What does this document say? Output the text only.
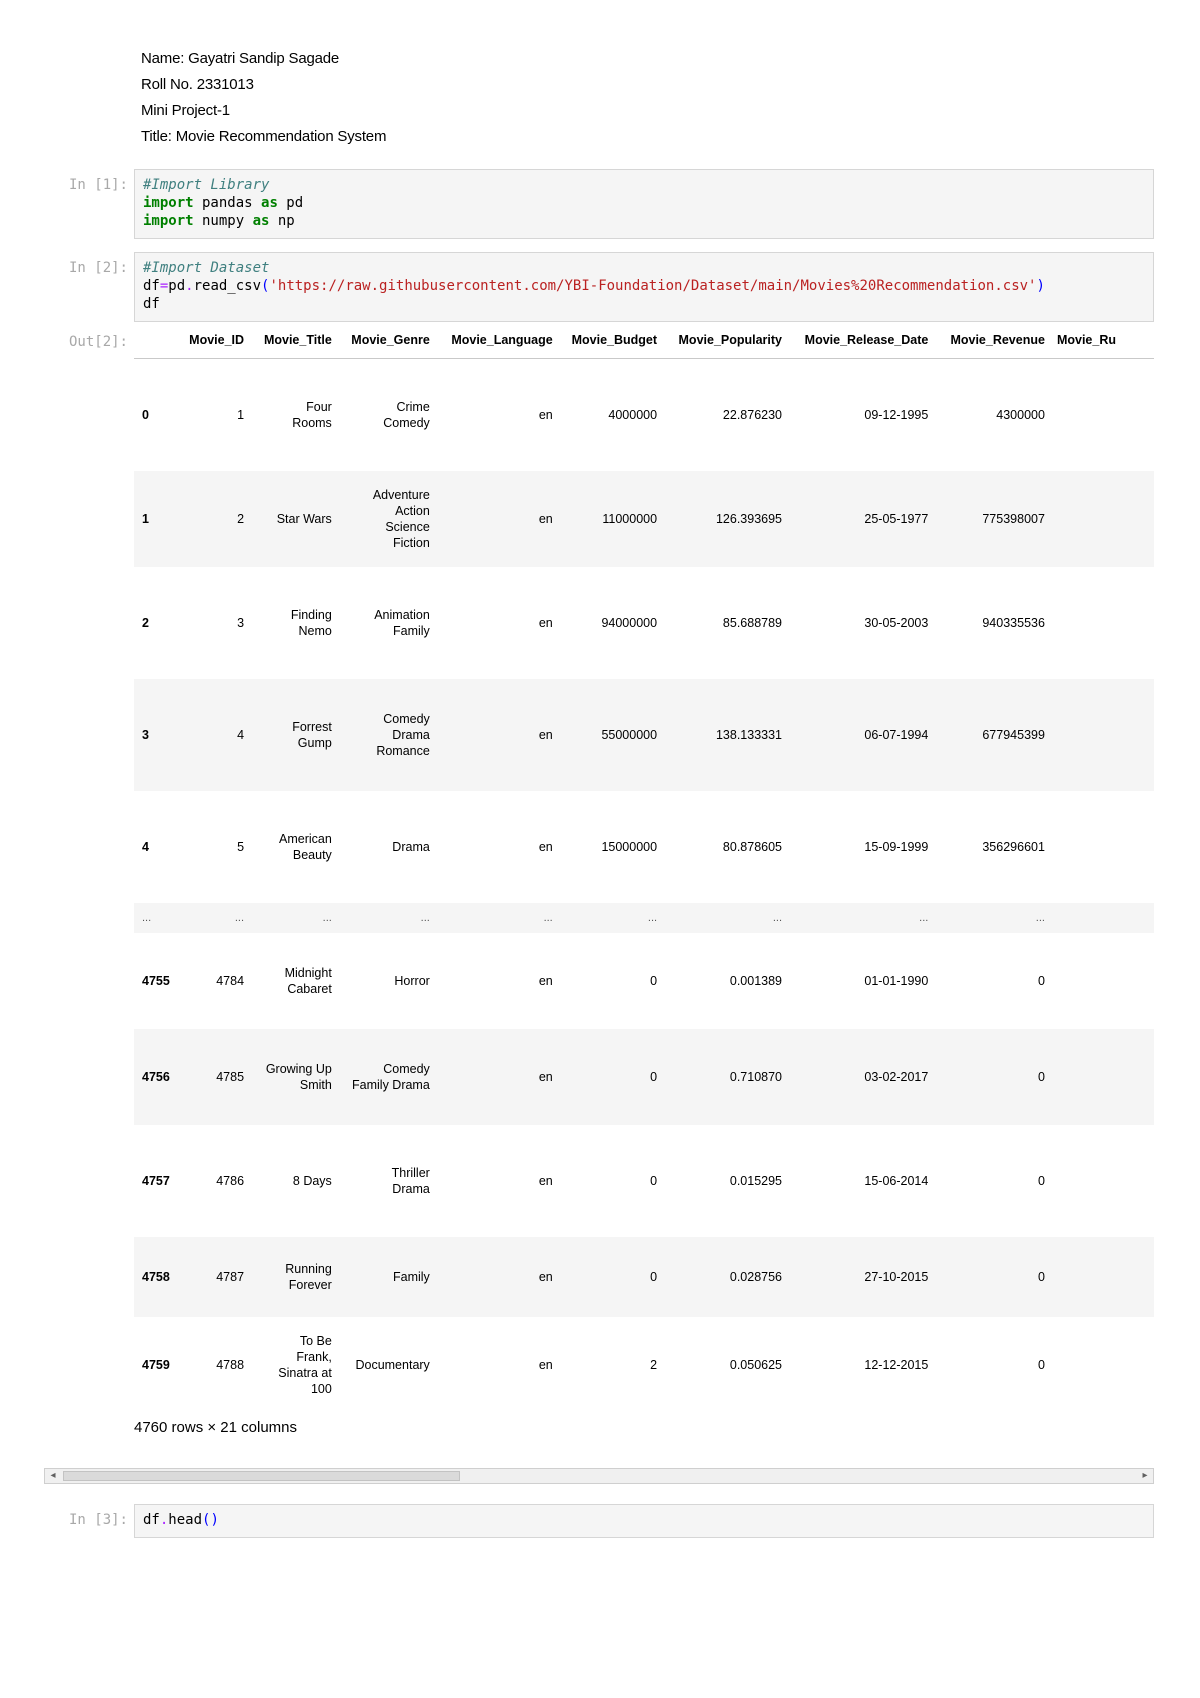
Name: Gayatri Sandip Sagade
Roll No. 2331013
Mini Project-1
Title: Movie Recommendation System
In [1]: #Import Library
import pandas as pd
import numpy as np
In [2]: #Import Dataset
df=pd.read_csv('https://raw.githubusercontent.com/YBI-Foundation/Dataset/main/Movies%20Recommendation.csv')
df
Out[2]:
		Movie_ID	Movie_Title	Movie_Genre	Movie_Language	Movie_Budget	Movie_Popularity	Movie_Release_Date	Movie_Revenue	Movie_Ru
0	1	Four
Rooms	Crime
Comedy	en	4000000	22.876230	09-12-1995	4300000	
1	2	Star Wars	Adventure
Action
Science
Fiction	en	11000000	126.393695	25-05-1977	775398007	
2	3	Finding
Nemo	Animation
Family	en	94000000	85.688789	30-05-2003	940335536	
3	4	Forrest
Gump	Comedy
Drama
Romance	en	55000000	138.133331	06-07-1994	677945399	
4	5	American
Beauty	Drama	en	15000000	80.878605	15-09-1999	356296601	
...	...	...	...	...	...	...	...	...	
4755	4784	Midnight
Cabaret	Horror	en	0	0.001389	01-01-1990	0	
4756	4785	Growing Up
Smith	Comedy
Family Drama	en	0	0.710870	03-02-2017	0	
4757	4786	8 Days	Thriller
Drama	en	0	0.015295	15-06-2014	0	
4758	4787	Running
Forever	Family	en	0	0.028756	27-10-2015	0	
4759	4788	To Be
Frank,
Sinatra at
100	Documentary	en	2	0.050625	12-12-2015	0	
4760 rows × 21 columns
◂	▸
In [3]: df.head()
